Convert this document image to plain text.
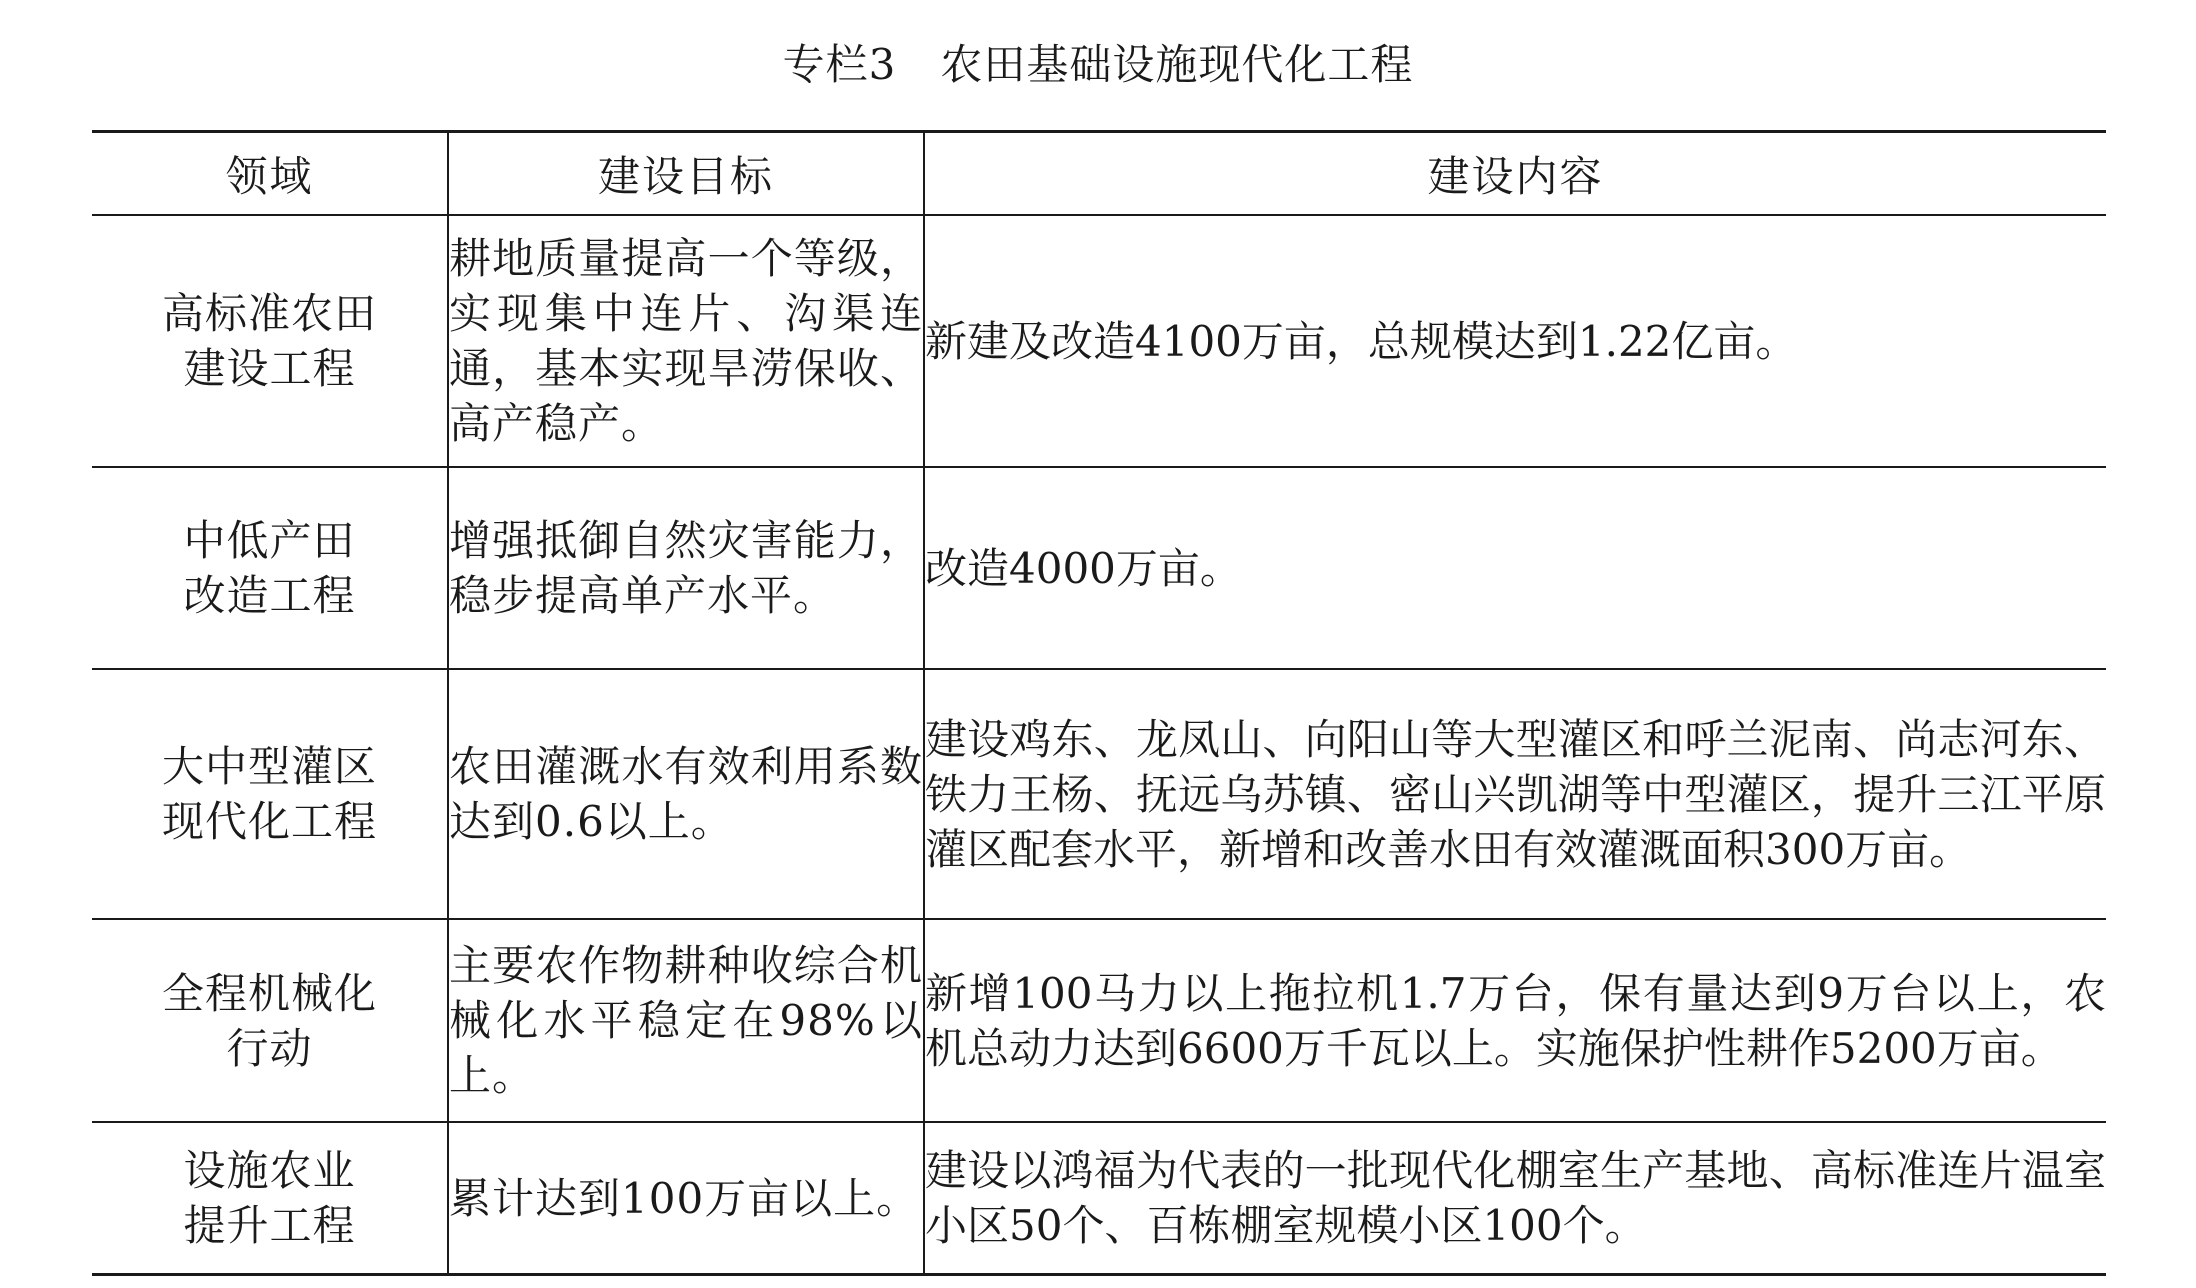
专栏3 农田基础设施现代化工程
领域	建设目标	建设内容

高标准农田
建设工程	耕地质量提高一个等级，实现集中连片、沟渠连通，基本实现旱涝保收、高产稳产。	新建及改造4100万亩，总规模达到1.22亿亩。

中低产田
改造工程	增强抵御自然灾害能力，稳步提高单产水平。	改造4000万亩。

大中型灌区
现代化工程	农田灌溉水有效利用系数达到0.6以上。	建设鸡东、龙凤山、向阳山等大型灌区和呼兰泥南、尚志河东、铁力王杨、抚远乌苏镇、密山兴凯湖等中型灌区，提升三江平原灌区配套水平，新增和改善水田有效灌溉面积300万亩。

全程机械化
行动	主要农作物耕种收综合机械化水平稳定在98%以上。	新增100马力以上拖拉机1.7万台，保有量达到9万台以上，农机总动力达到6600万千瓦以上。实施保护性耕作5200万亩。

设施农业
提升工程	累计达到100万亩以上。	建设以鸿福为代表的一批现代化棚室生产基地、高标准连片温室小区50个、百栋棚室规模小区100个。
